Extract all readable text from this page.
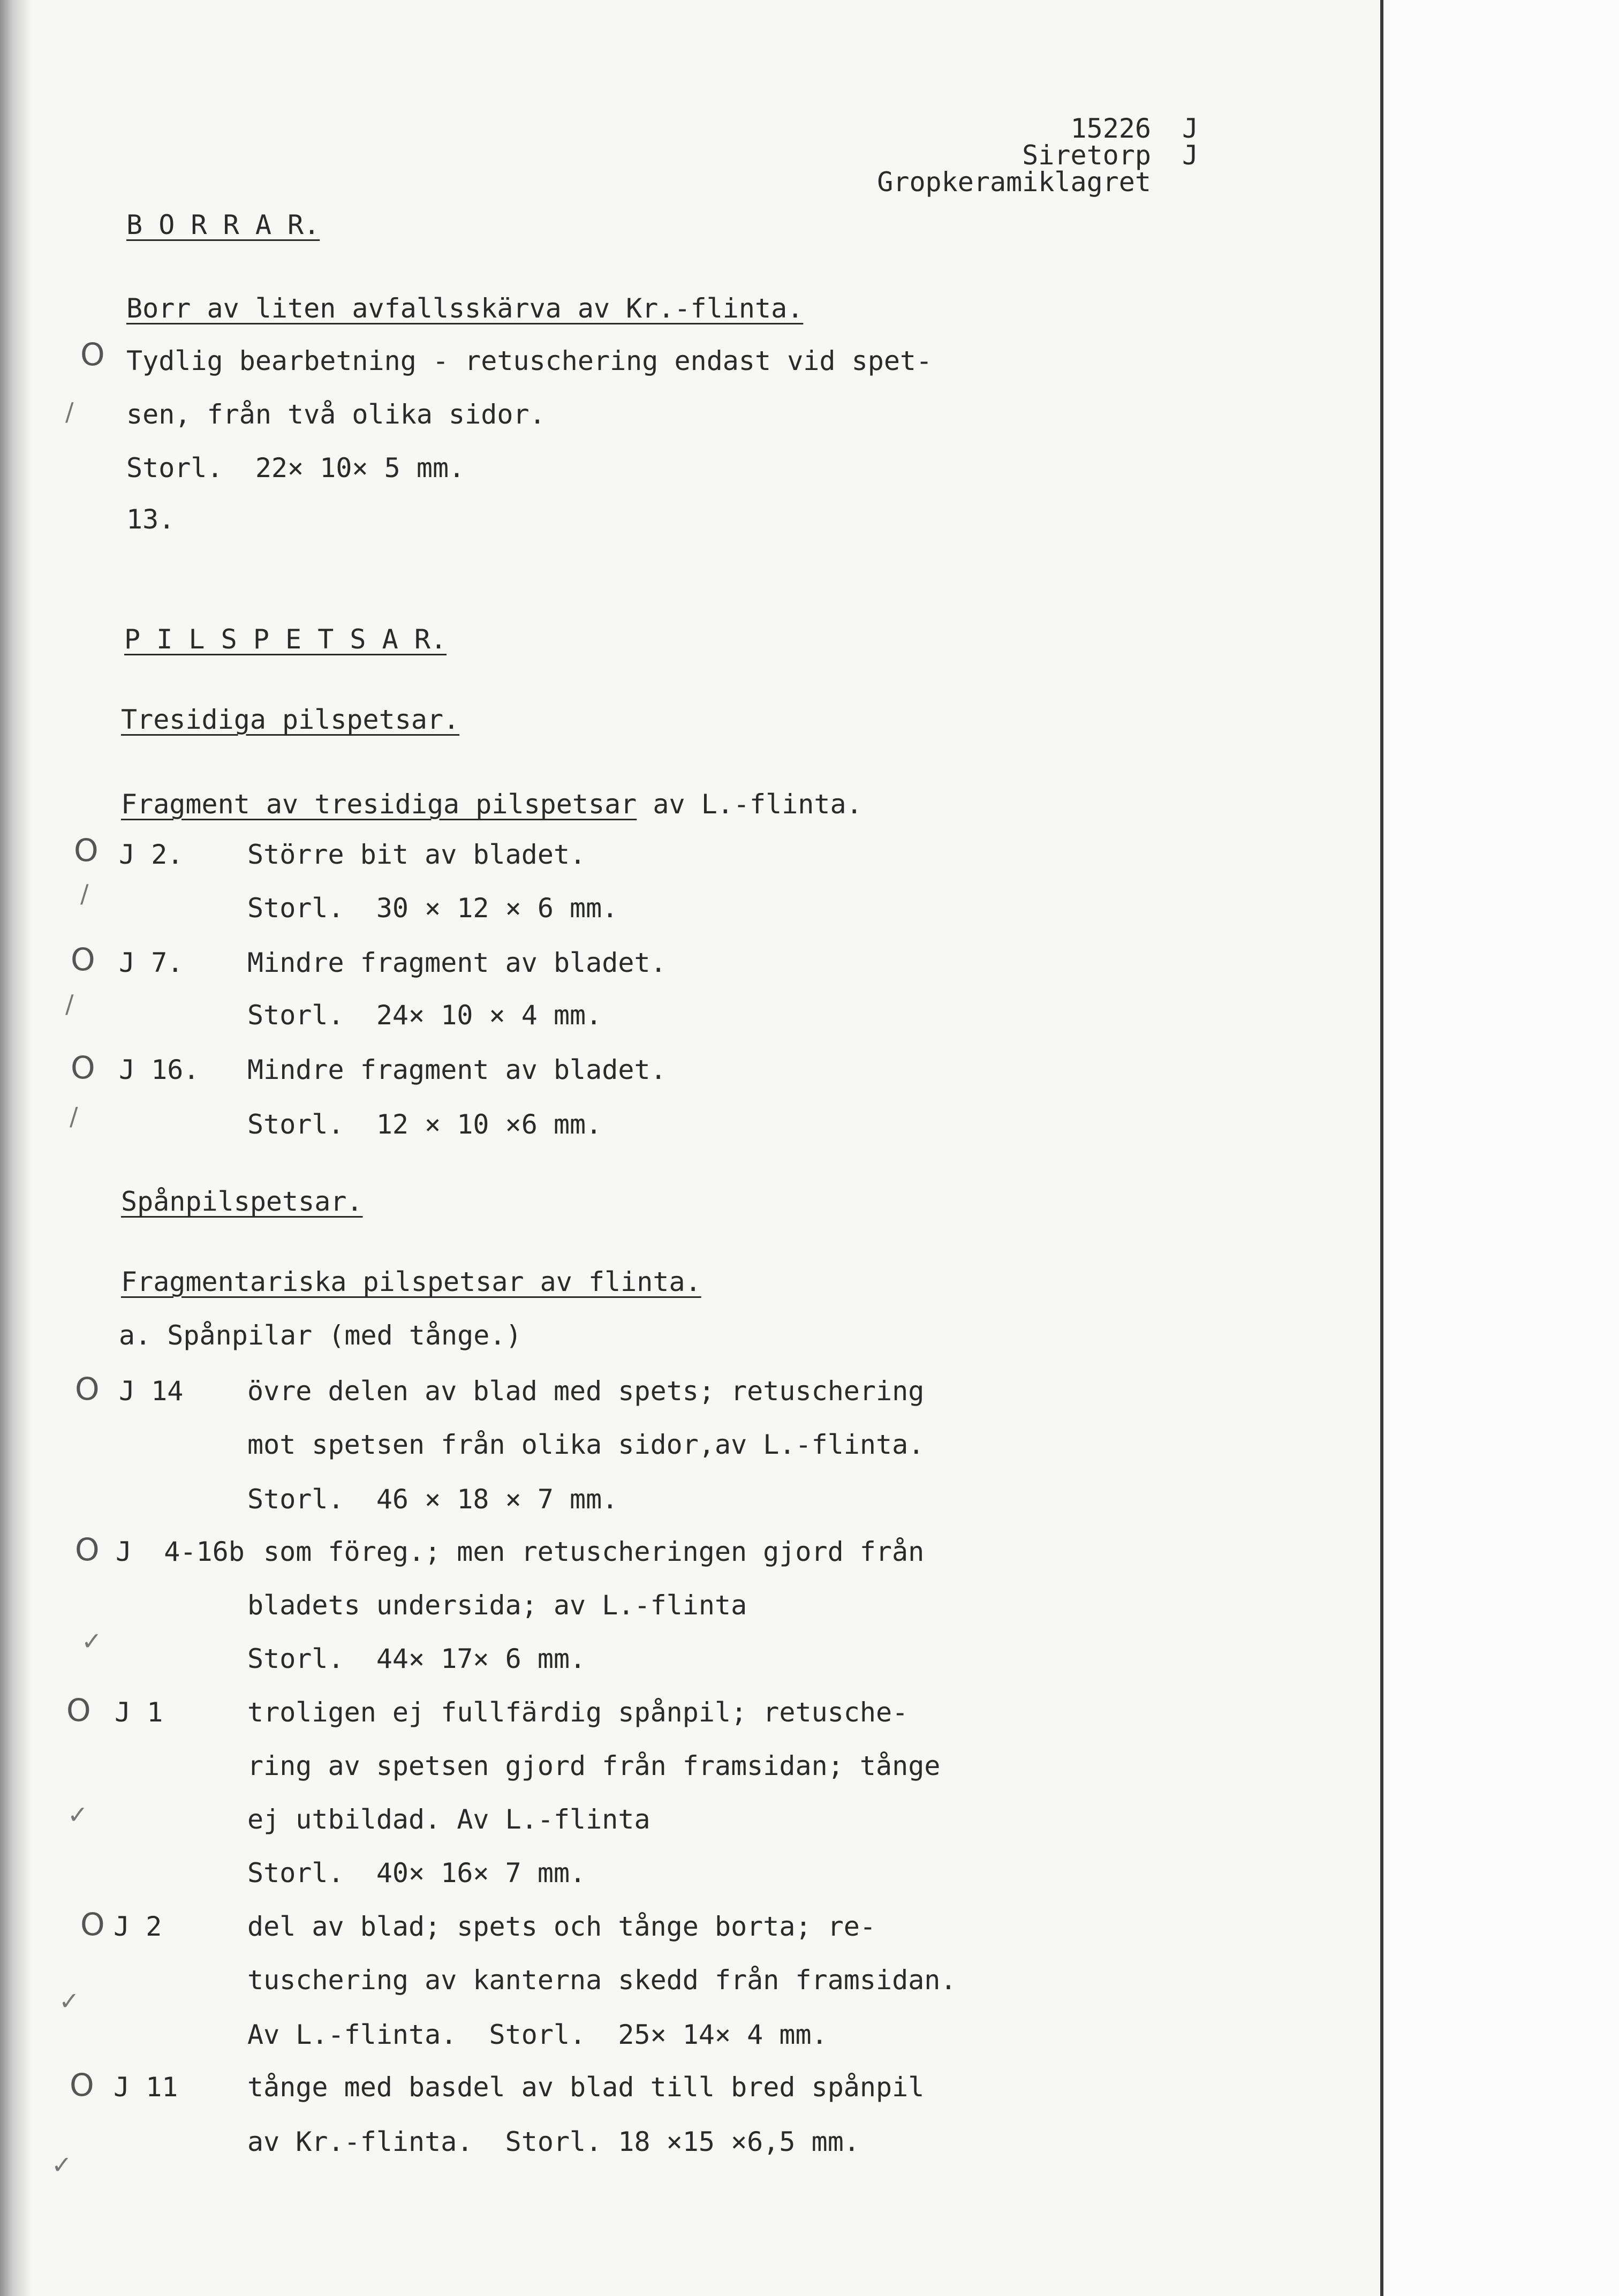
15226 J
Siretorp J
Gropkeramiklagret
B O R R A R.
Borr av liten avfallsskärva av Kr.-flinta.
O Tydlig bearbetning - retuschering endast vid spet-
/ sen, från två olika sidor.
Storl.  22× 10× 5 mm.
13.
P I L S P E T S A R.
Tresidiga pilspetsar.
Fragment av tresidiga pilspetsar av L.-flinta.
O J 2. Större bit av bladet.
/	Storl.  30 × 12 × 6 mm.
O J 7. Mindre fragment av bladet.
/	Storl.  24× 10 × 4 mm.
O J 16. Mindre fragment av bladet.
/	Storl.  12 × 10 ×6 mm.
Spånpilspetsar.
Fragmentariska pilspetsar av flinta.
a. Spånpilar (med tånge.)
O J 14 övre delen av blad med spets; retuschering
mot spetsen från olika sidor,av L.-flinta.
Storl.  46 × 18 × 7 mm.
O J  4-16b som föreg.; men retuscheringen gjord från
bladets undersida; av L.-flinta
✓
Storl.  44× 17× 6 mm.
O J 1	troligen ej fullfärdig spånpil; retusche-
ring av spetsen gjord från framsidan; tånge
✓	ej utbildad. Av L.-flinta
Storl.  40× 16× 7 mm.
O J 2	del av blad; spets och tånge borta; re-
tuschering av kanterna skedd från framsidan.
✓
Av L.-flinta.  Storl.  25× 14× 4 mm.
O J 11	tånge med basdel av blad till bred spånpil
✓
av Kr.-flinta.  Storl. 18 ×15 ×6,5 mm.
